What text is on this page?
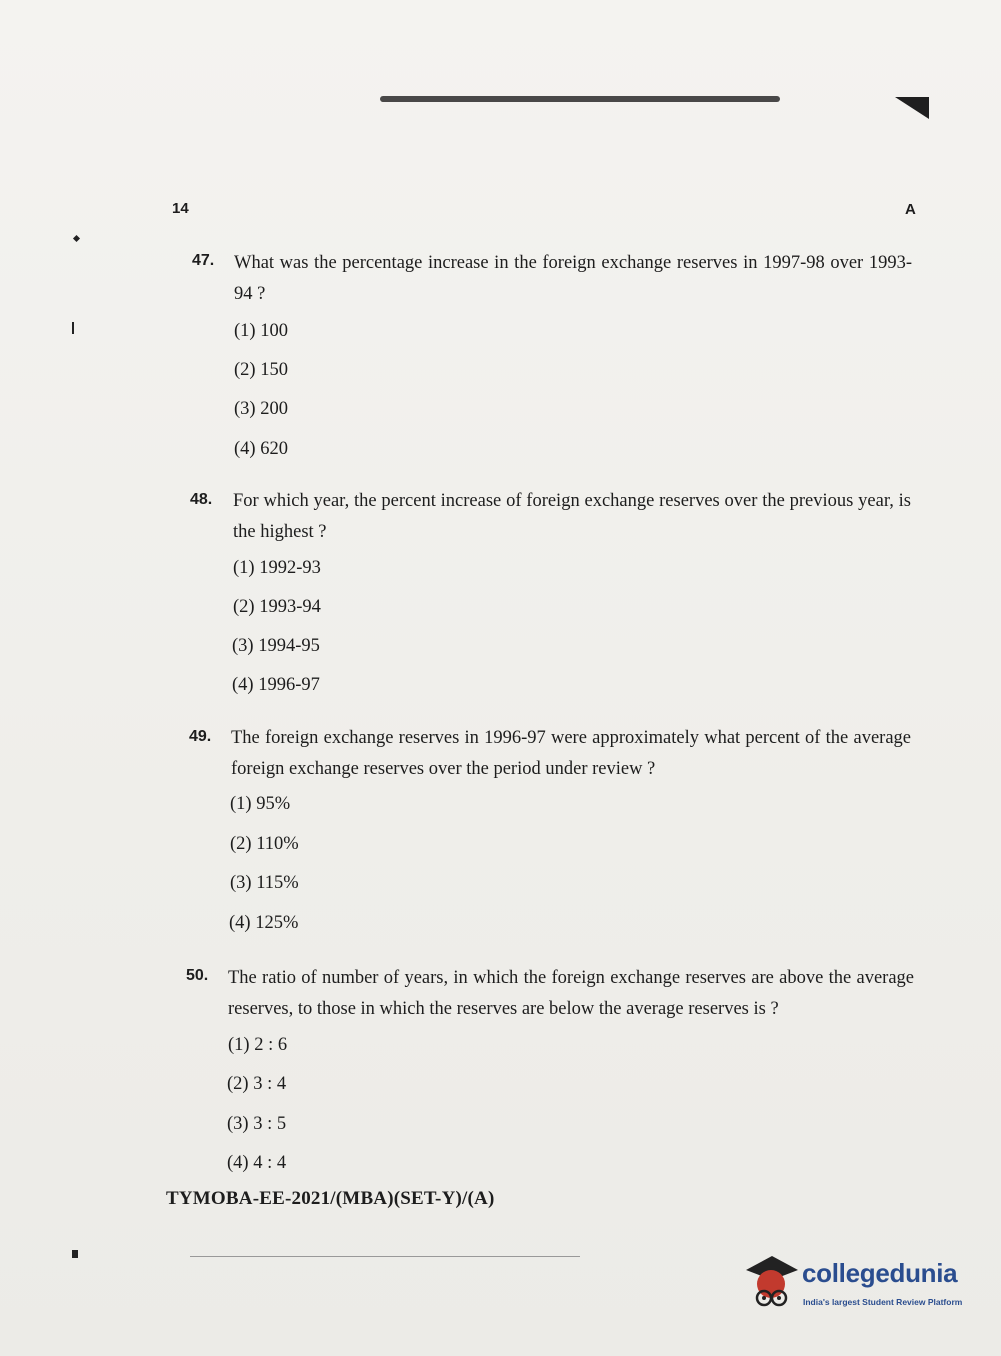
14	A
47. What was the percentage increase in the foreign exchange reserves in 1997-98 over 1993-94 ?
(1) 100
(2) 150
(3) 200
(4) 620
48. For which year, the percent increase of foreign exchange reserves over the previous year, is the highest ?
(1) 1992-93
(2) 1993-94
(3) 1994-95
(4) 1996-97
49. The foreign exchange reserves in 1996-97 were approximately what percent of the average foreign exchange reserves over the period under review ?
(1) 95%
(2) 110%
(3) 115%
(4) 125%
50. The ratio of number of years, in which the foreign exchange reserves are above the average reserves, to those in which the reserves are below the average reserves is ?
(1) 2 : 6
(2) 3 : 4
(3) 3 : 5
(4) 4 : 4
TYMOBA-EE-2021/(MBA)(SET-Y)/(A)
collegedunia
India's largest Student Review Platform
